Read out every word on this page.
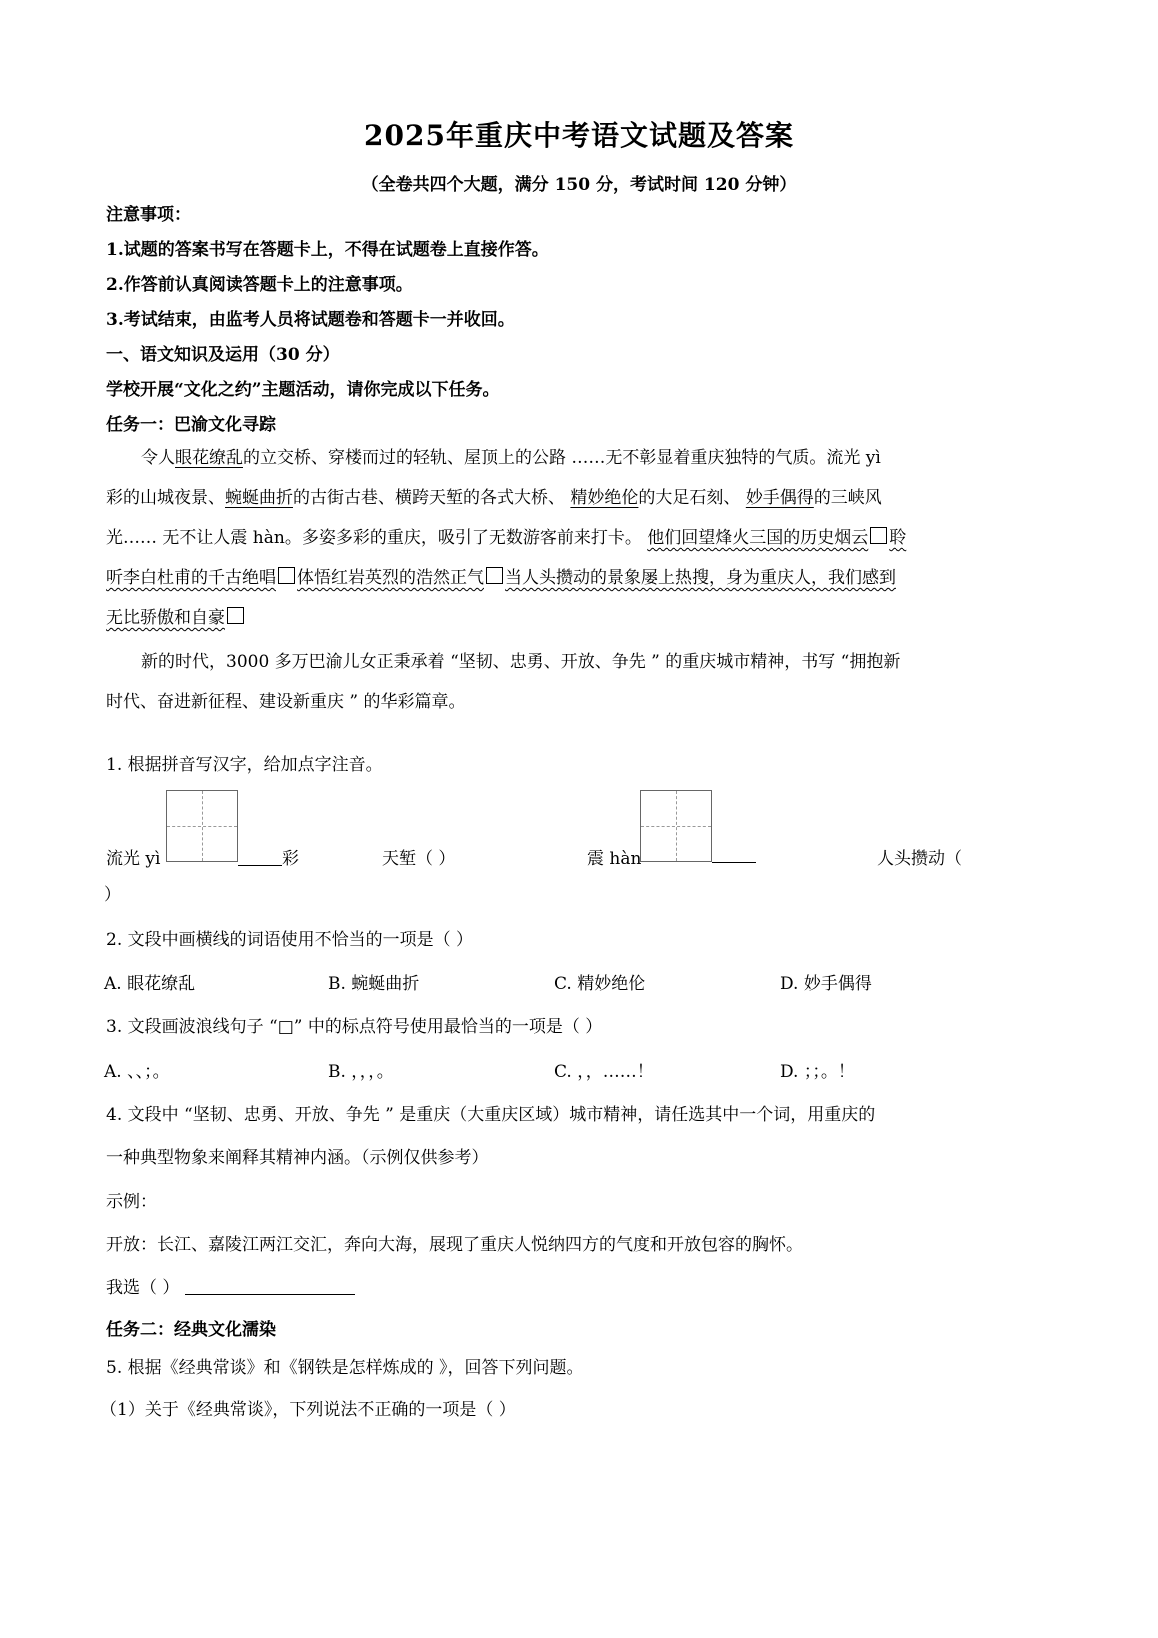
2025年重庆中考语文试题及答案
（全卷共四个大题，满分 150 分，考试时间 120 分钟）
注意事项：
1.试题的答案书写在答题卡上，不得在试题卷上直接作答。
2.作答前认真阅读答题卡上的注意事项。
3.考试结束，由监考人员将试题卷和答题卡一并收回。
一、语文知识及运用（30 分）
学校开展“文化之约”主题活动，请你完成以下任务。
任务一：巴渝文化寻踪
令人眼花缭乱的立交桥、穿楼而过的轻轨、屋顶上的公路 ……无不彰显着重庆独特的气质。流光 yì
彩的山城夜景、蜿蜒曲折的古街古巷、横跨天堑的各式大桥、 精妙绝伦的大足石刻、 妙手偶得的三峡风
光…… 无不让人震 hàn。多姿多彩的重庆，吸引了无数游客前来打卡。 他们回望烽火三国的历史烟云 聆
听李白杜甫的千古绝唱 体悟红岩英烈的浩然正气 当人头攒动的景象屡上热搜，身为重庆人，我们感到
无比骄傲和自豪
新的时代，3000 多万巴渝儿女正秉承着 “坚韧、忠勇、开放、争先 ” 的重庆城市精神，书写 “拥抱新
时代、奋进新征程、建设新重庆 ” 的华彩篇章。
1. 根据拼音写汉字，给加点字注音。
流光 yì	彩	天堑（ ）	震 hàn	人头攒动（
）
2. 文段中画横线的词语使用不恰当的一项是（ ）
A. 眼花缭乱	B. 蜿蜒曲折	C. 精妙绝伦	D. 妙手偶得
3. 文段画波浪线句子 “□” 中的标点符号使用最恰当的一项是（ ）
A. 、、；。	B. ，，，。	C. ，，……！	D. ；；。！
4. 文段中 “坚韧、忠勇、开放、争先 ” 是重庆（大重庆区域）城市精神，请任选其中一个词，用重庆的
一种典型物象来阐释其精神内涵。（示例仅供参考）
示例：
开放：长江、嘉陵江两江交汇，奔向大海，展现了重庆人悦纳四方的气度和开放包容的胸怀。
我选（ ）
任务二：经典文化濡染
5. 根据《经典常谈》和《钢铁是怎样炼成的 》，回答下列问题。
（1）关于《经典常谈》，下列说法不正确的一项是（ ）
